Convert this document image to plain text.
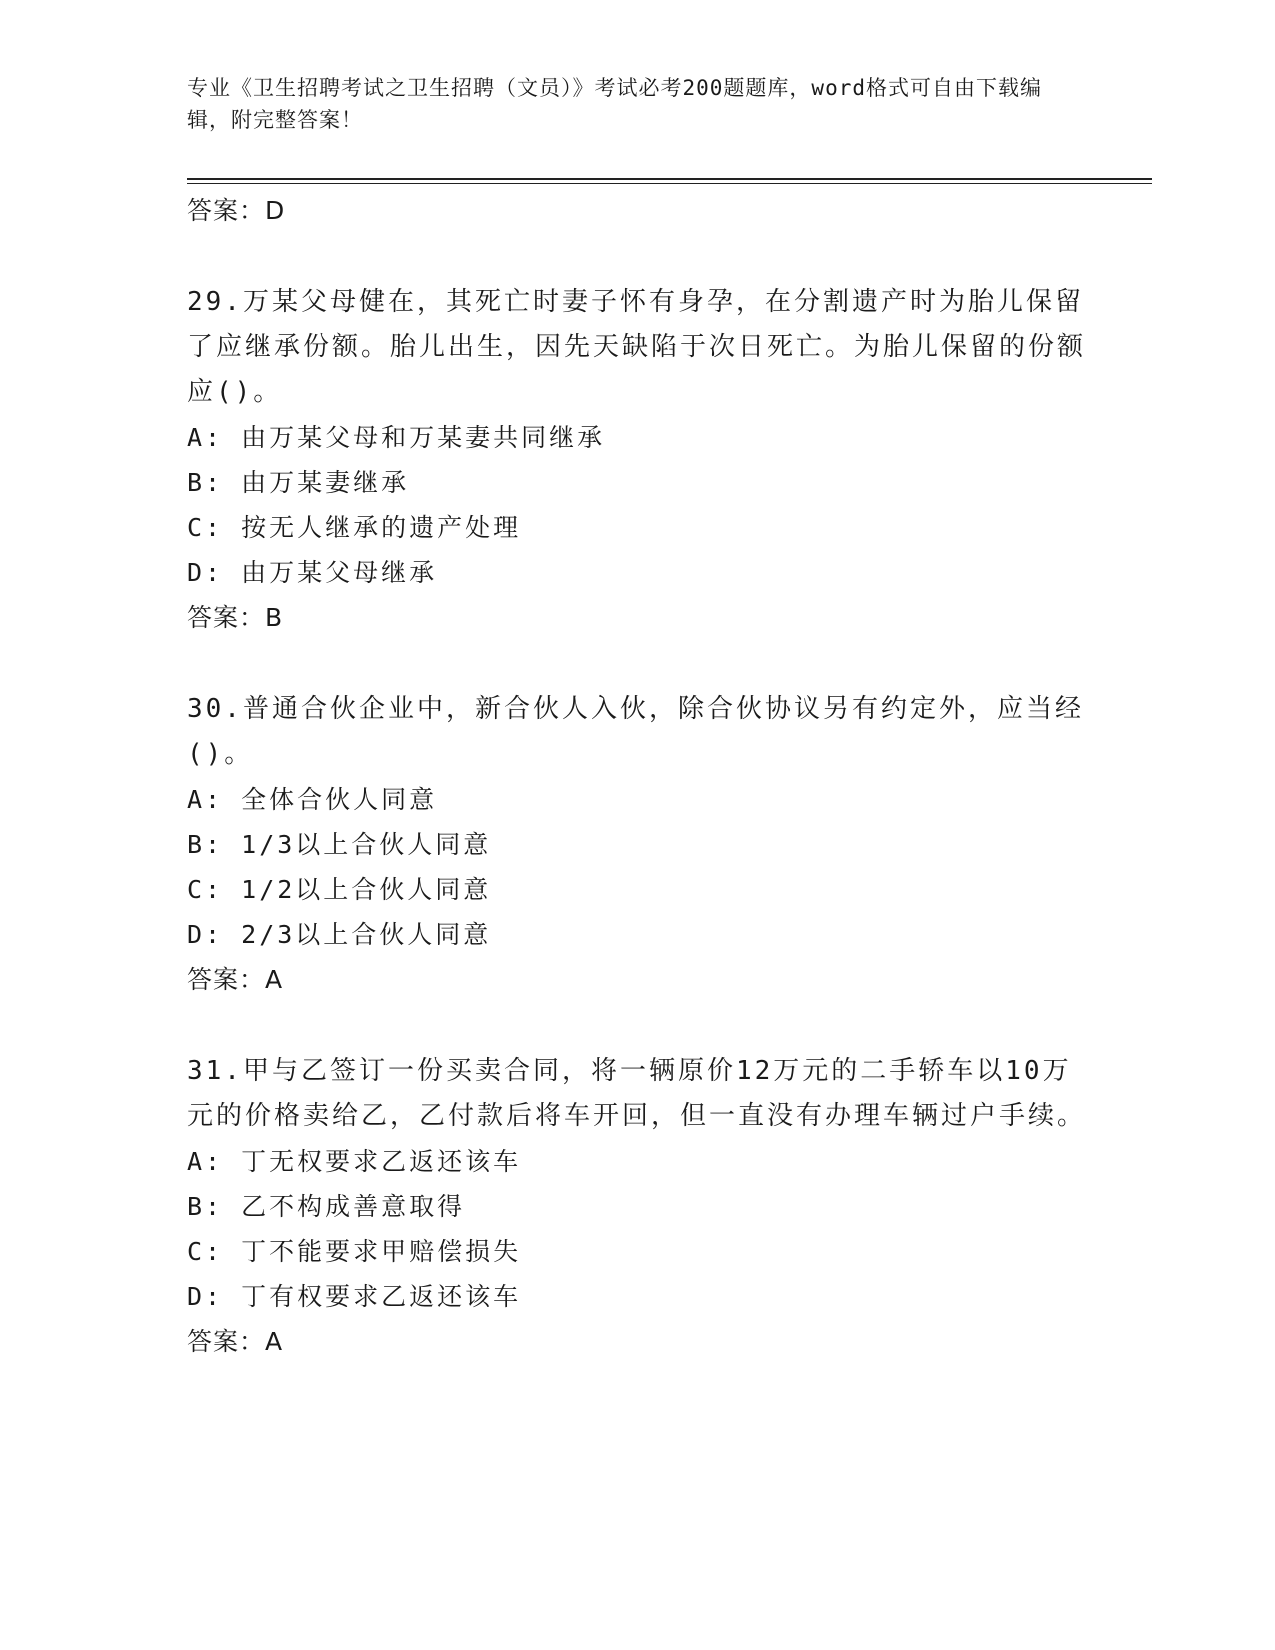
专业《卫生招聘考试之卫生招聘（文员）》考试必考200题题库，word格式可自由下载编辑，附完整答案！
答案：D
29.万某父母健在，其死亡时妻子怀有身孕，在分割遗产时为胎儿保留了应继承份额。胎儿出生，因先天缺陷于次日死亡。为胎儿保留的份额应()。
A: 由万某父母和万某妻共同继承
B: 由万某妻继承
C: 按无人继承的遗产处理
D: 由万某父母继承
答案：B
30.普通合伙企业中，新合伙人入伙，除合伙协议另有约定外，应当经()。
A: 全体合伙人同意
B: 1/3以上合伙人同意
C: 1/2以上合伙人同意
D: 2/3以上合伙人同意
答案：A
31.甲与乙签订一份买卖合同，将一辆原价12万元的二手轿车以10万元的价格卖给乙，乙付款后将车开回，但一直没有办理车辆过户手续。
A: 丁无权要求乙返还该车
B: 乙不构成善意取得
C: 丁不能要求甲赔偿损失
D: 丁有权要求乙返还该车
答案：A
